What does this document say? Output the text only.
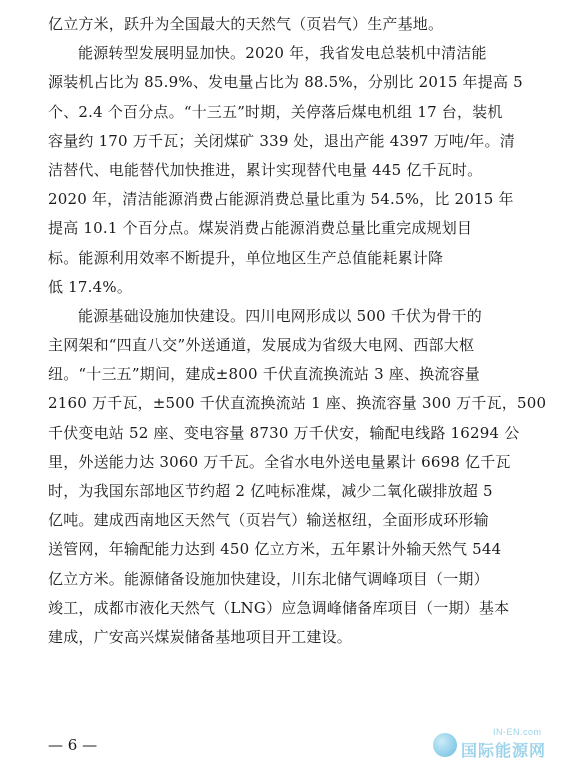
亿立方米，跃升为全国最大的天然气（页岩气）生产基地。
能源转型发展明显加快。2020 年，我省发电总装机中清洁能
源装机占比为 85.9%、发电量占比为 88.5%，分别比 2015 年提高 5
个、2.4 个百分点。“十三五”时期，关停落后煤电机组 17 台，装机
容量约 170 万千瓦；关闭煤矿 339 处，退出产能 4397 万吨/年。清
洁替代、电能替代加快推进，累计实现替代电量 445 亿千瓦时。
2020 年，清洁能源消费占能源消费总量比重为 54.5%，比 2015 年
提高 10.1 个百分点。煤炭消费占能源消费总量比重完成规划目
标。能源利用效率不断提升，单位地区生产总值能耗累计降
低 17.4%。
能源基础设施加快建设。四川电网形成以 500 千伏为骨干的
主网架和“四直八交”外送通道，发展成为省级大电网、西部大枢
纽。“十三五”期间，建成±800 千伏直流换流站 3 座、换流容量
2160 万千瓦，±500 千伏直流换流站 1 座、换流容量 300 万千瓦，500
千伏变电站 52 座、变电容量 8730 万千伏安，输配电线路 16294 公
里，外送能力达 3060 万千瓦。全省水电外送电量累计 6698 亿千瓦
时，为我国东部地区节约超 2 亿吨标准煤，减少二氧化碳排放超 5
亿吨。建成西南地区天然气（页岩气）输送枢纽，全面形成环形输
送管网，年输配能力达到 450 亿立方米，五年累计外输天然气 544
亿立方米。能源储备设施加快建设，川东北储气调峰项目（一期）
竣工，成都市液化天然气（LNG）应急调峰储备库项目（一期）基本
建成，广安高兴煤炭储备基地项目开工建设。
— 6 —
IN-EN.com
国际能源网
